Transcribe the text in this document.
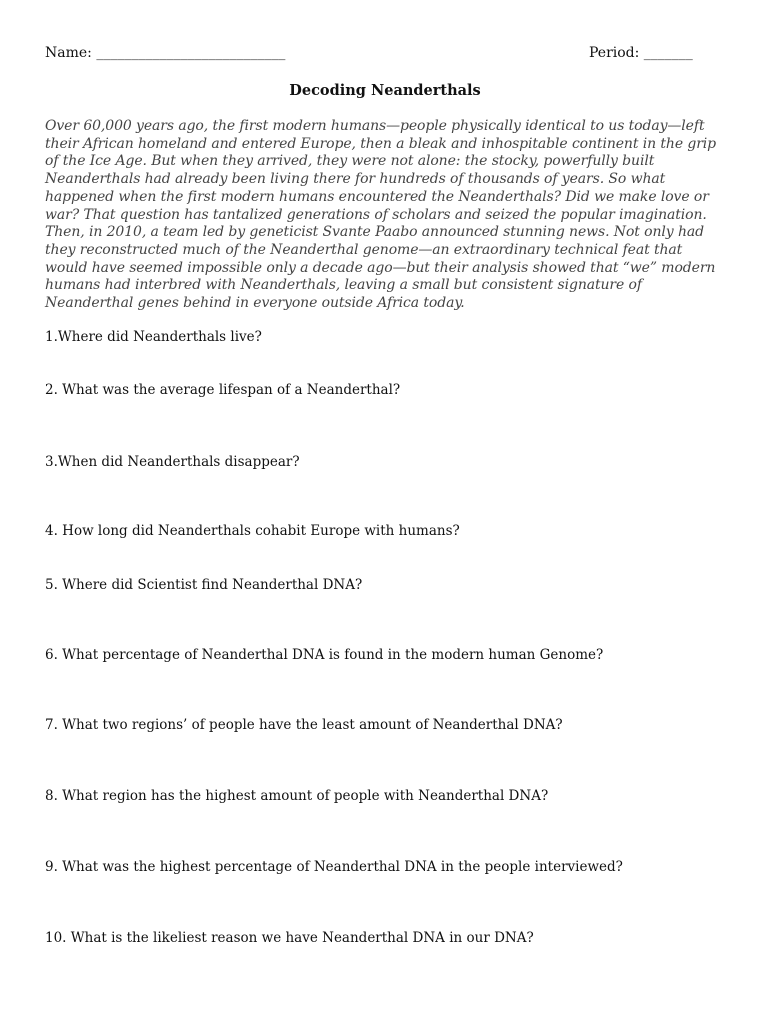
Name: ___________________________	Period: _______
Decoding Neanderthals
Over 60,000 years ago, the first modern humans—people physically identical to us today—left their African homeland and entered Europe, then a bleak and inhospitable continent in the grip of the Ice Age. But when they arrived, they were not alone: the stocky, powerfully built Neanderthals had already been living there for hundreds of thousands of years. So what happened when the first modern humans encountered the Neanderthals? Did we make love or war? That question has tantalized generations of scholars and seized the popular imagination. Then, in 2010, a team led by geneticist Svante Paabo announced stunning news. Not only had they reconstructed much of the Neanderthal genome—an extraordinary technical feat that would have seemed impossible only a decade ago—but their analysis showed that “we” modern humans had interbred with Neanderthals, leaving a small but consistent signature of Neanderthal genes behind in everyone outside Africa today.
1.Where did Neanderthals live?
2. What was the average lifespan of a Neanderthal?
3.When did Neanderthals disappear?
4. How long did Neanderthals cohabit Europe with humans?
5. Where did Scientist find Neanderthal DNA?
6. What percentage of Neanderthal DNA is found in the modern human Genome?
7. What two regions’ of people have the least amount of Neanderthal DNA?
8. What region has the highest amount of people with Neanderthal DNA?
9. What was the highest percentage of Neanderthal DNA in the people interviewed?
10. What is the likeliest reason we have Neanderthal DNA in our DNA?
